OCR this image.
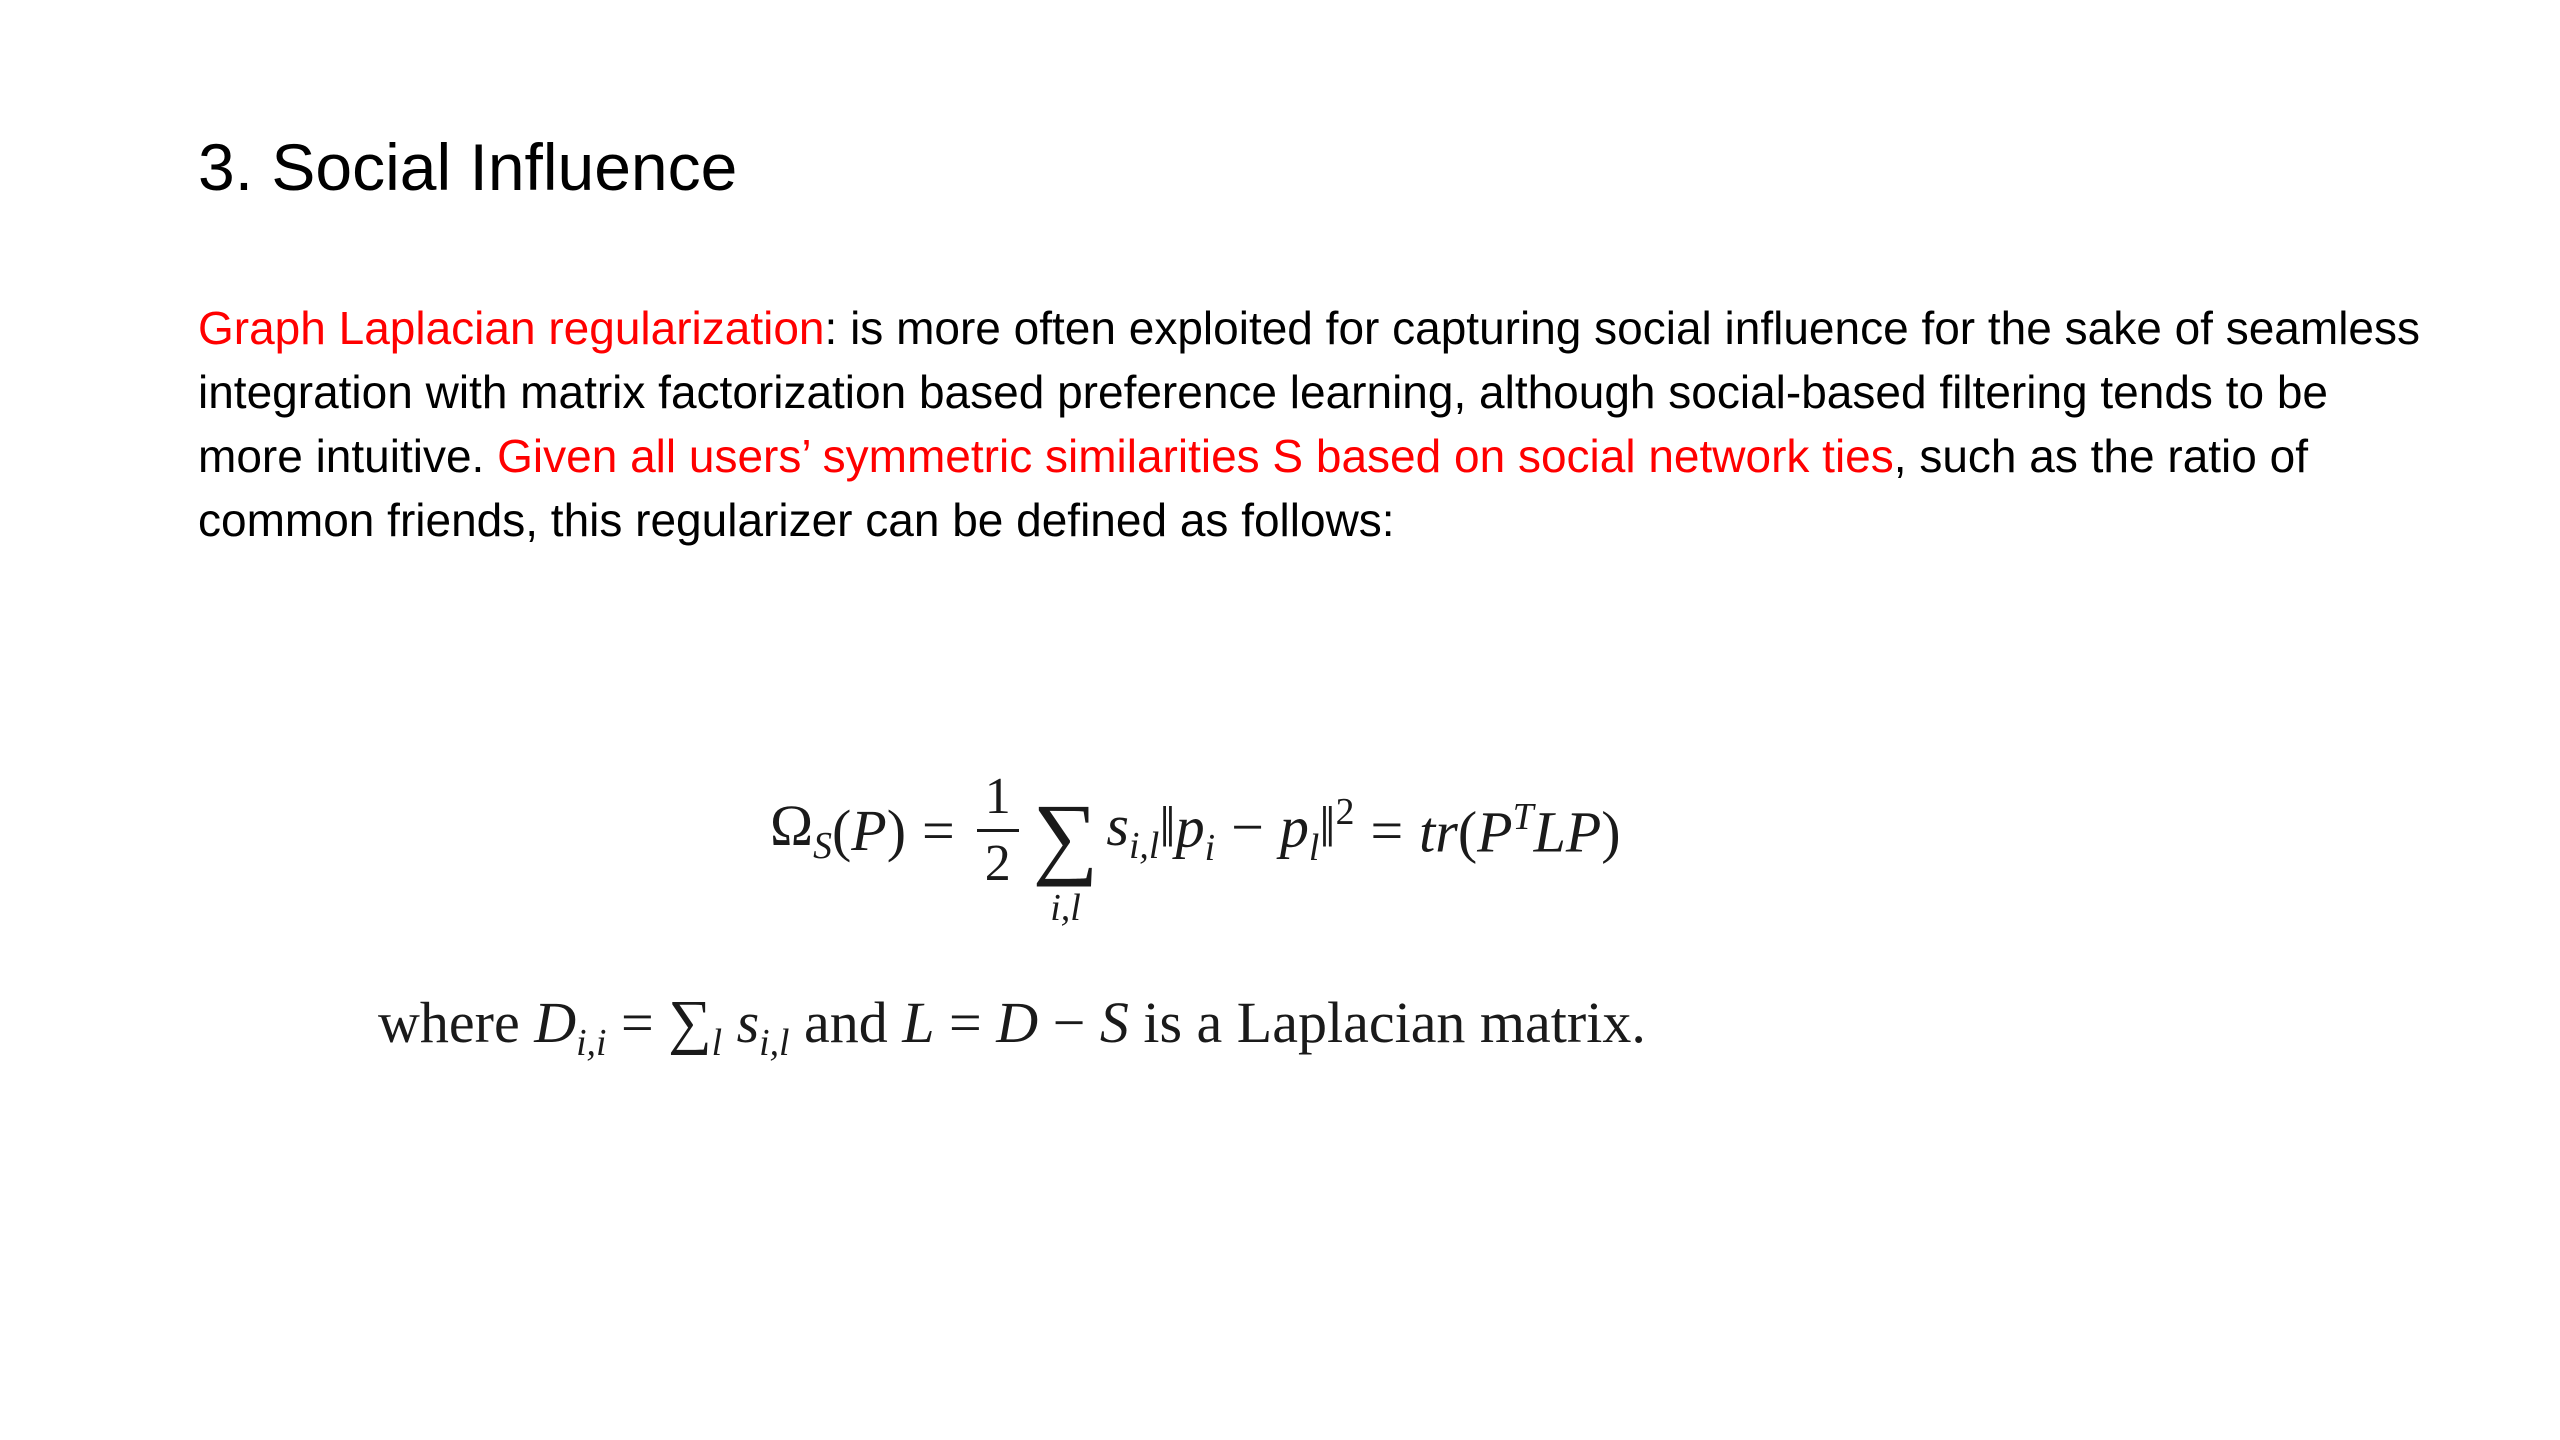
3. Social Influence

Graph Laplacian regularization: is more often exploited for capturing social influence for the sake of seamless integration with matrix factorization based preference learning, although social-based filtering tends to be more intuitive. Given all users’ symmetric similarities S based on social network ties, such as the ratio of common friends, this regularizer can be defined as follows:

$\Omega_S$ $(P) = \frac{1}{2}$ ∑
i,l
$s_{i,l}$ $‖p_i$ − $p_l‖^2 = tr(P^TLP)$
where $D_{i,i} = \sum_l$ $s_{i,l}$ and L = D − S is a Laplacian matrix.
